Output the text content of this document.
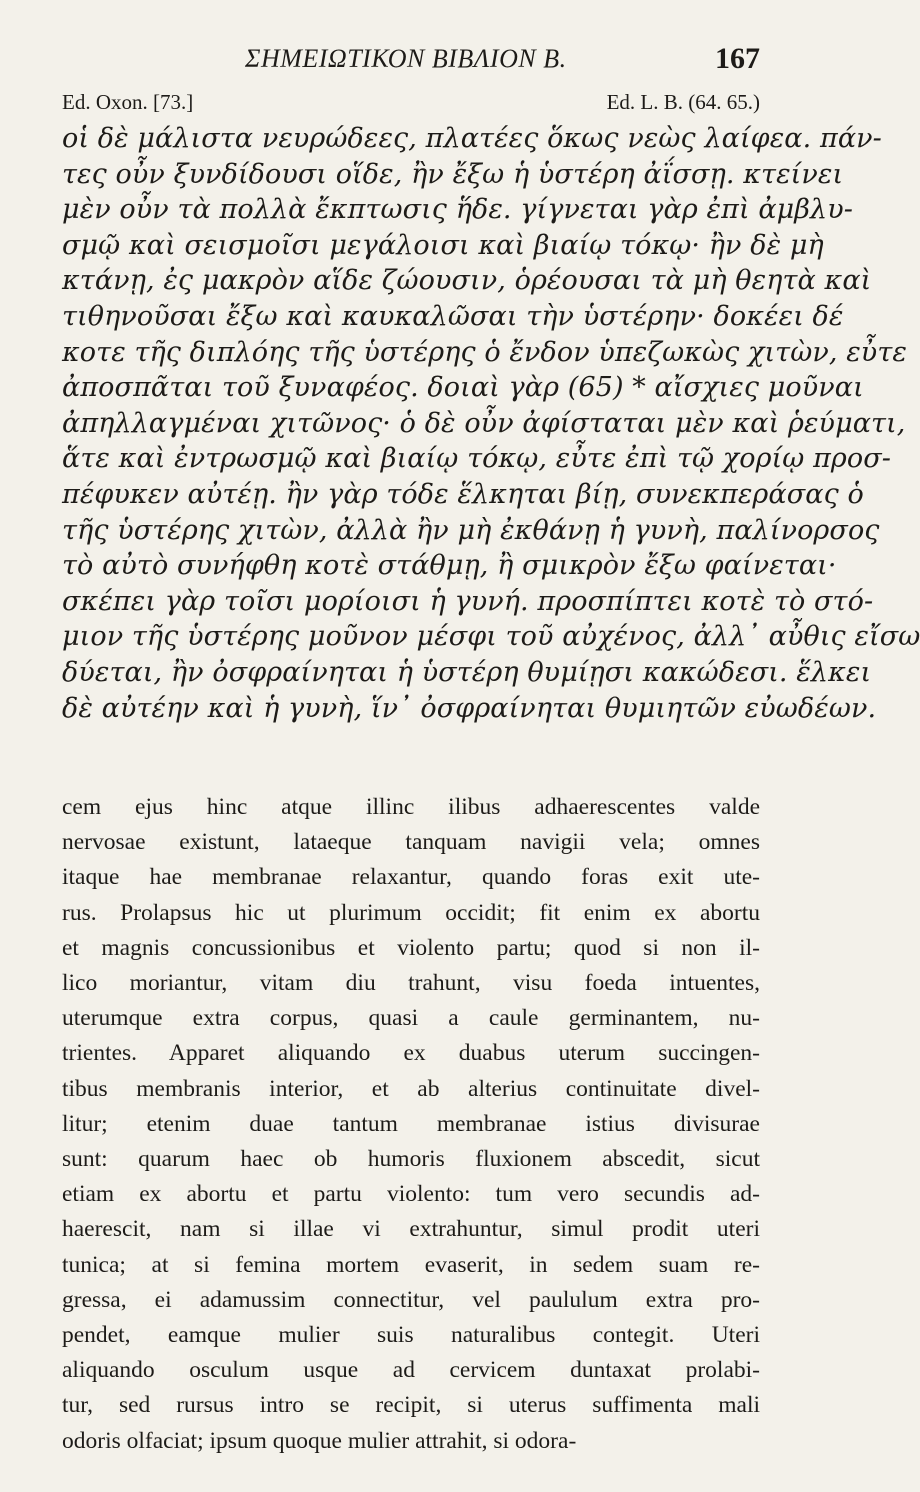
ΣΗΜΕΙΩΤΙΚΟΝ ΒΙΒΛΙΟΝ Β.	167
Ed. Oxon. [73.]	Ed. L. B. (64. 65.)
οἱ δὲ μάλιστα νευρώδεες, πλατέες ὅκως νεὼς λαίφεα. πάν-
τες οὖν ξυνδίδουσι οἵδε, ἢν ἔξω ἡ ὑστέρη ἀΐσσῃ. κτείνει
μὲν οὖν τὰ πολλὰ ἔκπτωσις ἥδε. γίγνεται γὰρ ἐπὶ ἀμβλυ-
σμῷ καὶ σεισμοῖσι μεγάλοισι καὶ βιαίῳ τόκῳ· ἢν δὲ μὴ
κτάνῃ, ἐς μακρὸν αἵδε ζώουσιν, ὁρέουσαι τὰ μὴ θεητὰ καὶ
τιθηνοῦσαι ἔξω καὶ καυκαλῶσαι τὴν ὑστέρην· δοκέει δέ
κοτε τῆς διπλόης τῆς ὑστέρης ὁ ἔνδον ὑπεζωκὼς χιτὼν, εὖτε
ἀποσπᾶται τοῦ ξυναφέος. δοιαὶ γὰρ (65) * αἴσχιες μοῦναι
ἀπηλλαγμέναι χιτῶνος· ὁ δὲ οὖν ἀφίσταται μὲν καὶ ῥεύματι,
ἅτε καὶ ἐντρωσμῷ καὶ βιαίῳ τόκῳ, εὖτε ἐπὶ τῷ χορίῳ προσ-
πέφυκεν αὐτέῃ. ἢν γὰρ τόδε ἕλκηται βίῃ, συνεκπεράσας ὁ
τῆς ὑστέρης χιτὼν, ἀλλὰ ἢν μὴ ἐκθάνῃ ἡ γυνὴ, παλίνορσος
τὸ αὐτὸ συνήφθη κοτὲ στάθμῃ, ἢ σμικρὸν ἔξω φαίνεται·
σκέπει γὰρ τοῖσι μορίοισι ἡ γυνή. προσπίπτει κοτὲ τὸ στό-
μιον τῆς ὑστέρης μοῦνον μέσφι τοῦ αὐχένος, ἀλλ᾽ αὖθις εἴσω
δύεται, ἢν ὀσφραίνηται ἡ ὑστέρη θυμίῃσι κακώδεσι. ἕλκει
δὲ αὐτέην καὶ ἡ γυνὴ, ἵν᾽ ὀσφραίνηται θυμιητῶν εὐωδέων.
cem ejus hinc atque illinc ilibus adhaerescentes valde
nervosae existunt, lataeque tanquam navigii vela; omnes
itaque hae membranae relaxantur, quando foras exit ute-
rus. Prolapsus hic ut plurimum occidit; fit enim ex abortu
et magnis concussionibus et violento partu; quod si non il-
lico moriantur, vitam diu trahunt, visu foeda intuentes,
uterumque extra corpus, quasi a caule germinantem, nu-
trientes. Apparet aliquando ex duabus uterum succingen-
tibus membranis interior, et ab alterius continuitate divel-
litur; etenim duae tantum membranae istius divisurae
sunt: quarum haec ob humoris fluxionem abscedit, sicut
etiam ex abortu et partu violento: tum vero secundis ad-
haerescit, nam si illae vi extrahuntur, simul prodit uteri
tunica; at si femina mortem evaserit, in sedem suam re-
gressa, ei adamussim connectitur, vel paululum extra pro-
pendet, eamque mulier suis naturalibus contegit. Uteri
aliquando osculum usque ad cervicem duntaxat prolabi-
tur, sed rursus intro se recipit, si uterus suffimenta mali
odoris olfaciat; ipsum quoque mulier attrahit, si odora-
